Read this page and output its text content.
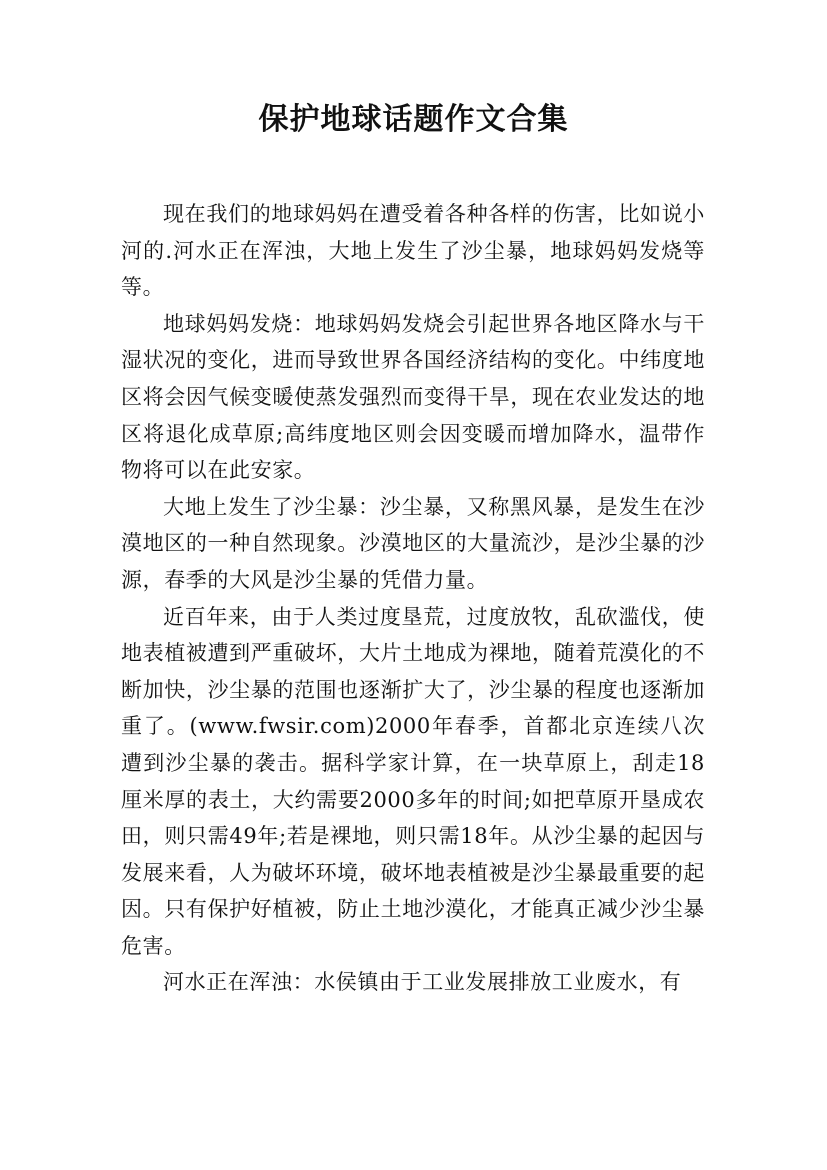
保护地球话题作文合集

现在我们的地球妈妈在遭受着各种各样的伤害，比如说小河的.河水正在浑浊，大地上发生了沙尘暴，地球妈妈发烧等等。

地球妈妈发烧：地球妈妈发烧会引起世界各地区降水与干湿状况的变化，进而导致世界各国经济结构的变化。中纬度地区将会因气候变暖使蒸发强烈而变得干旱，现在农业发达的地区将退化成草原;高纬度地区则会因变暖而增加降水，温带作物将可以在此安家。

大地上发生了沙尘暴：沙尘暴，又称黑风暴，是发生在沙漠地区的一种自然现象。沙漠地区的大量流沙，是沙尘暴的沙源，春季的大风是沙尘暴的凭借力量。

近百年来，由于人类过度垦荒，过度放牧，乱砍滥伐，使地表植被遭到严重破坏，大片土地成为裸地，随着荒漠化的不断加快，沙尘暴的范围也逐渐扩大了，沙尘暴的程度也逐渐加重了。(www.fwsir.com)2000年春季，首都北京连续八次遭到沙尘暴的袭击。据科学家计算，在一块草原上，刮走18厘米厚的表土，大约需要2000多年的时间;如把草原开垦成农田，则只需49年;若是裸地，则只需18年。从沙尘暴的起因与发展来看，人为破坏环境，破坏地表植被是沙尘暴最重要的起因。只有保护好植被，防止土地沙漠化，才能真正减少沙尘暴危害。

河水正在浑浊：水侯镇由于工业发展排放工业废水，有
